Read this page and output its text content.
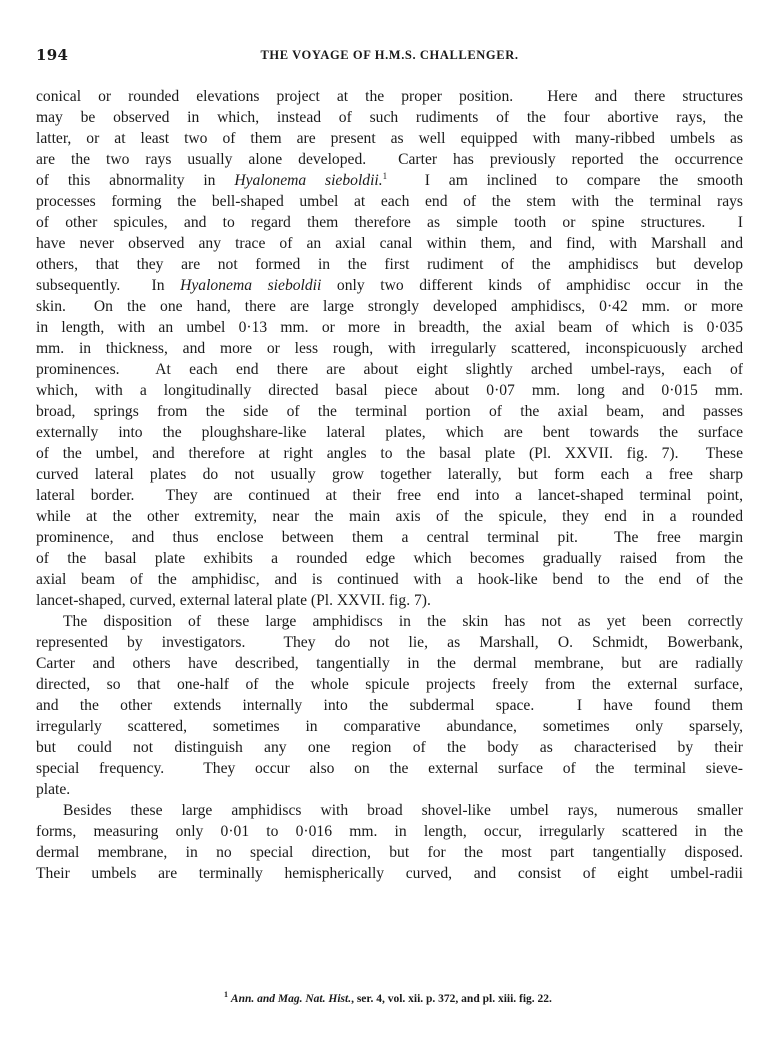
194	THE VOYAGE OF H.M.S. CHALLENGER.
conical or rounded elevations project at the proper position.  Here and there structures
may be observed in which, instead of such rudiments of the four abortive rays, the
latter, or at least two of them are present as well equipped with many-ribbed umbels as
are the two rays usually alone developed.  Carter has previously reported the occurrence
of this abnormality in Hyalonema sieboldii.$^1$  I am inclined to compare the smooth
processes forming the bell-shaped umbel at each end of the stem with the terminal rays
of other spicules, and to regard them therefore as simple tooth or spine structures.  I
have never observed any trace of an axial canal within them, and find, with Marshall and
others, that they are not formed in the first rudiment of the amphidiscs but develop
subsequently.  In Hyalonema sieboldii only two different kinds of amphidisc occur in the
skin.  On the one hand, there are large strongly developed amphidiscs, 0·42 mm. or more
in length, with an umbel 0·13 mm. or more in breadth, the axial beam of which is 0·035
mm. in thickness, and more or less rough, with irregularly scattered, inconspicuously arched
prominences.  At each end there are about eight slightly arched umbel-rays, each of
which, with a longitudinally directed basal piece about 0·07 mm. long and 0·015 mm.
broad, springs from the side of the terminal portion of the axial beam, and passes
externally into the ploughshare-like lateral plates, which are bent towards the surface
of the umbel, and therefore at right angles to the basal plate (Pl. XXVII. fig. 7).  These
curved lateral plates do not usually grow together laterally, but form each a free sharp
lateral border.  They are continued at their free end into a lancet-shaped terminal point,
while at the other extremity, near the main axis of the spicule, they end in a rounded
prominence, and thus enclose between them a central terminal pit.  The free margin
of the basal plate exhibits a rounded edge which becomes gradually raised from the
axial beam of the amphidisc, and is continued with a hook-like bend to the end of the
lancet-shaped, curved, external lateral plate (Pl. XXVII. fig. 7).
The disposition of these large amphidiscs in the skin has not as yet been correctly
represented by investigators.  They do not lie, as Marshall, O. Schmidt, Bowerbank,
Carter and others have described, tangentially in the dermal membrane, but are radially
directed, so that one-half of the whole spicule projects freely from the external surface,
and the other extends internally into the subdermal space.  I have found them
irregularly scattered, sometimes in comparative abundance, sometimes only sparsely,
but could not distinguish any one region of the body as characterised by their
special frequency.  They occur also on the external surface of the terminal sieve-
plate.
Besides these large amphidiscs with broad shovel-like umbel rays, numerous smaller
forms, measuring only 0·01 to 0·016 mm. in length, occur, irregularly scattered in the
dermal membrane, in no special direction, but for the most part tangentially disposed.
Their umbels are terminally hemispherically curved, and consist of eight umbel-radii
$^1$ Ann. and Mag. Nat. Hist., ser. 4, vol. xii. p. 372, and pl. xiii. fig. 22.
